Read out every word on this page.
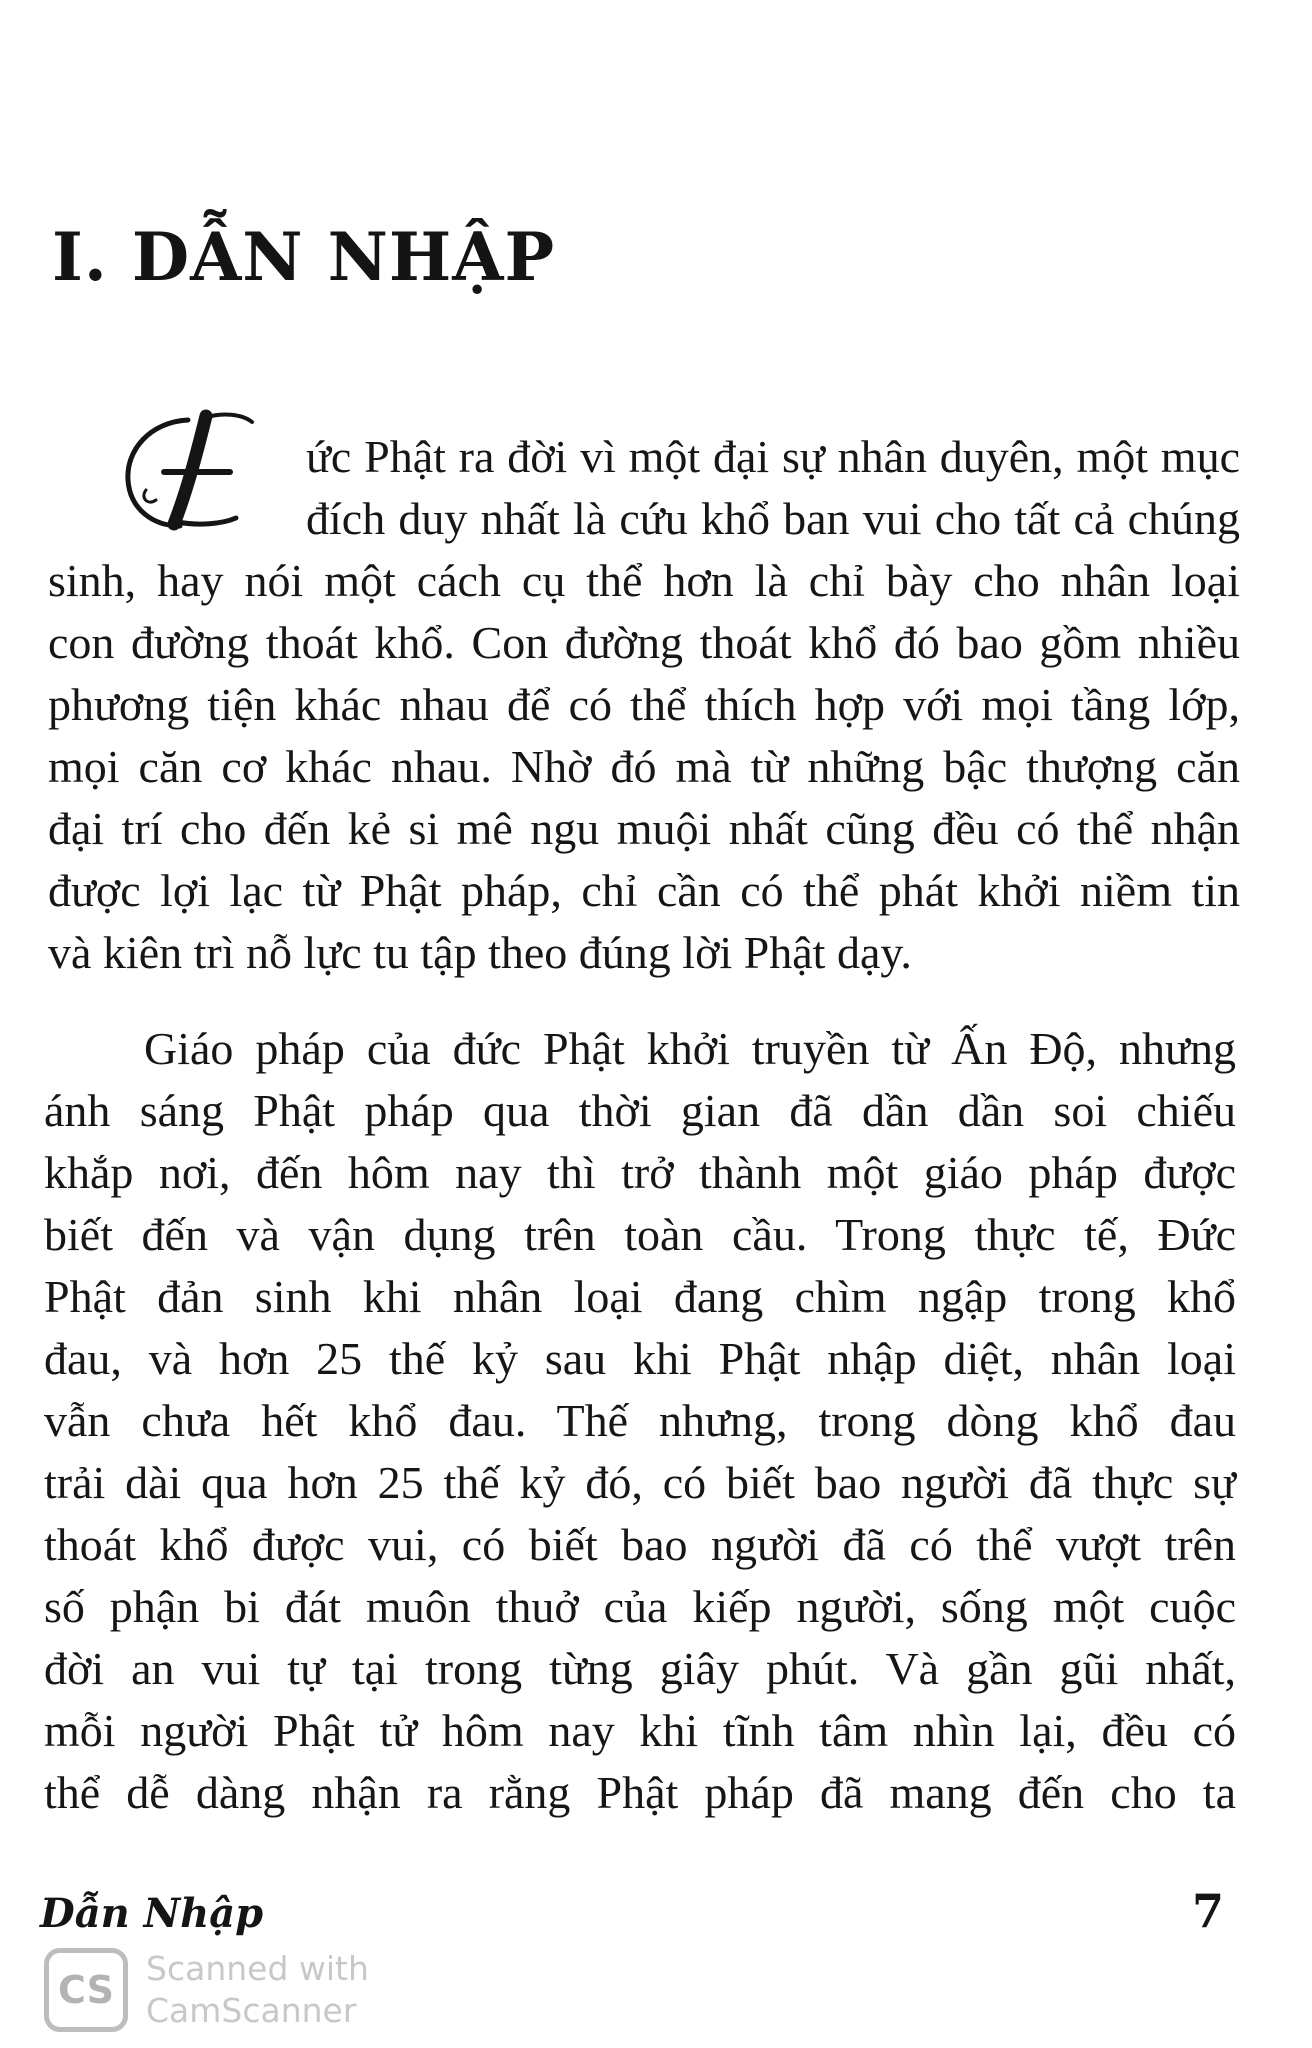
I. DẪN NHẬP
ức Phật ra đời vì một đại sự nhân duyên, một mục
đích duy nhất là cứu khổ ban vui cho tất cả chúng
sinh, hay nói một cách cụ thể hơn là chỉ bày cho nhân loại
con đường thoát khổ. Con đường thoát khổ đó bao gồm nhiều
phương tiện khác nhau để có thể thích hợp với mọi tầng lớp,
mọi căn cơ khác nhau. Nhờ đó mà từ những bậc thượng căn
đại trí cho đến kẻ si mê ngu muội nhất cũng đều có thể nhận
được lợi lạc từ Phật pháp, chỉ cần có thể phát khởi niềm tin
và kiên trì nỗ lực tu tập theo đúng lời Phật dạy.
Giáo pháp của đức Phật khởi truyền từ Ấn Độ, nhưng
ánh sáng Phật pháp qua thời gian đã dần dần soi chiếu
khắp nơi, đến hôm nay thì trở thành một giáo pháp được
biết đến và vận dụng trên toàn cầu. Trong thực tế, Đức
Phật đản sinh khi nhân loại đang chìm ngập trong khổ
đau, và hơn 25 thế kỷ sau khi Phật nhập diệt, nhân loại
vẫn chưa hết khổ đau. Thế nhưng, trong dòng khổ đau
trải dài qua hơn 25 thế kỷ đó, có biết bao người đã thực sự
thoát khổ được vui, có biết bao người đã có thể vượt trên
số phận bi đát muôn thuở của kiếp người, sống một cuộc
đời an vui tự tại trong từng giây phút. Và gần gũi nhất,
mỗi người Phật tử hôm nay khi tĩnh tâm nhìn lại, đều có
thể dễ dàng nhận ra rằng Phật pháp đã mang đến cho ta
Dẫn Nhập	7
CS Scanned with
CamScanner
